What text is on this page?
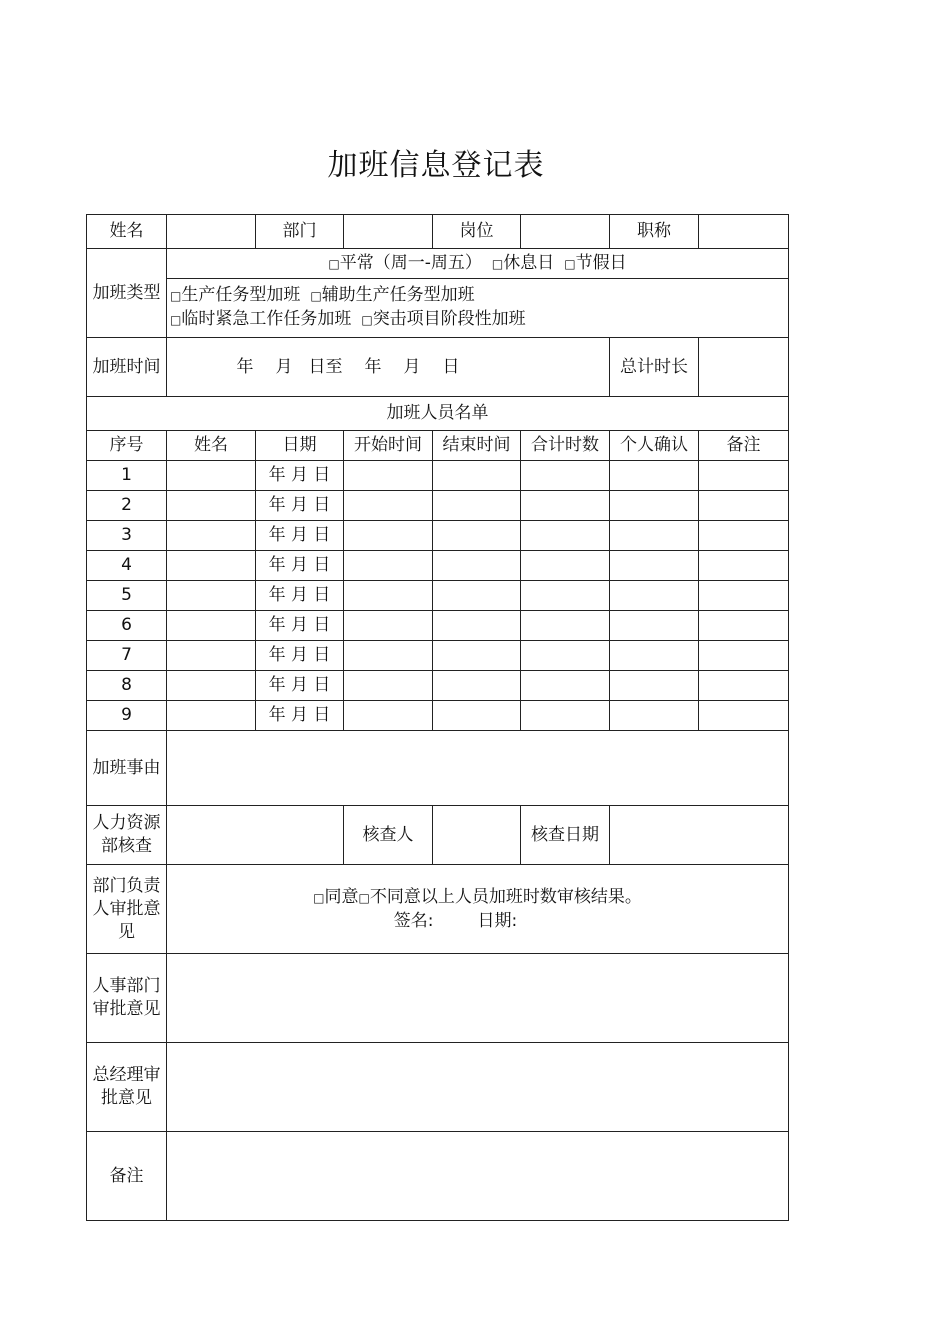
加班信息登记表
姓名		部门		岗位		职称	
加班类型	□平常（周一-周五） □休息日 □节假日						

	□生产任务型加班 □辅助生产任务型加班
□临时紧急工作任务加班 □突击项目阶段性加班						

加班时间	年 月 日至 年 月 日					总计时长	
加班人员名单							
序号	姓名	日期	开始时间	结束时间	合计时数	个人确认	备注
1		年 月 日					
2		年 月 日					
3		年 月 日					
4		年 月 日					
5		年 月 日					
6		年 月 日					
7		年 月 日					
8		年 月 日					
9		年 月 日					
加班事由							
人力资源部核查			核查人		核查日期		
部门负责人审批意见	□同意□不同意以上人员加班时数审核结果。
签名: 日期:						

人事部门审批意见							
总经理审批意见							
备注							
